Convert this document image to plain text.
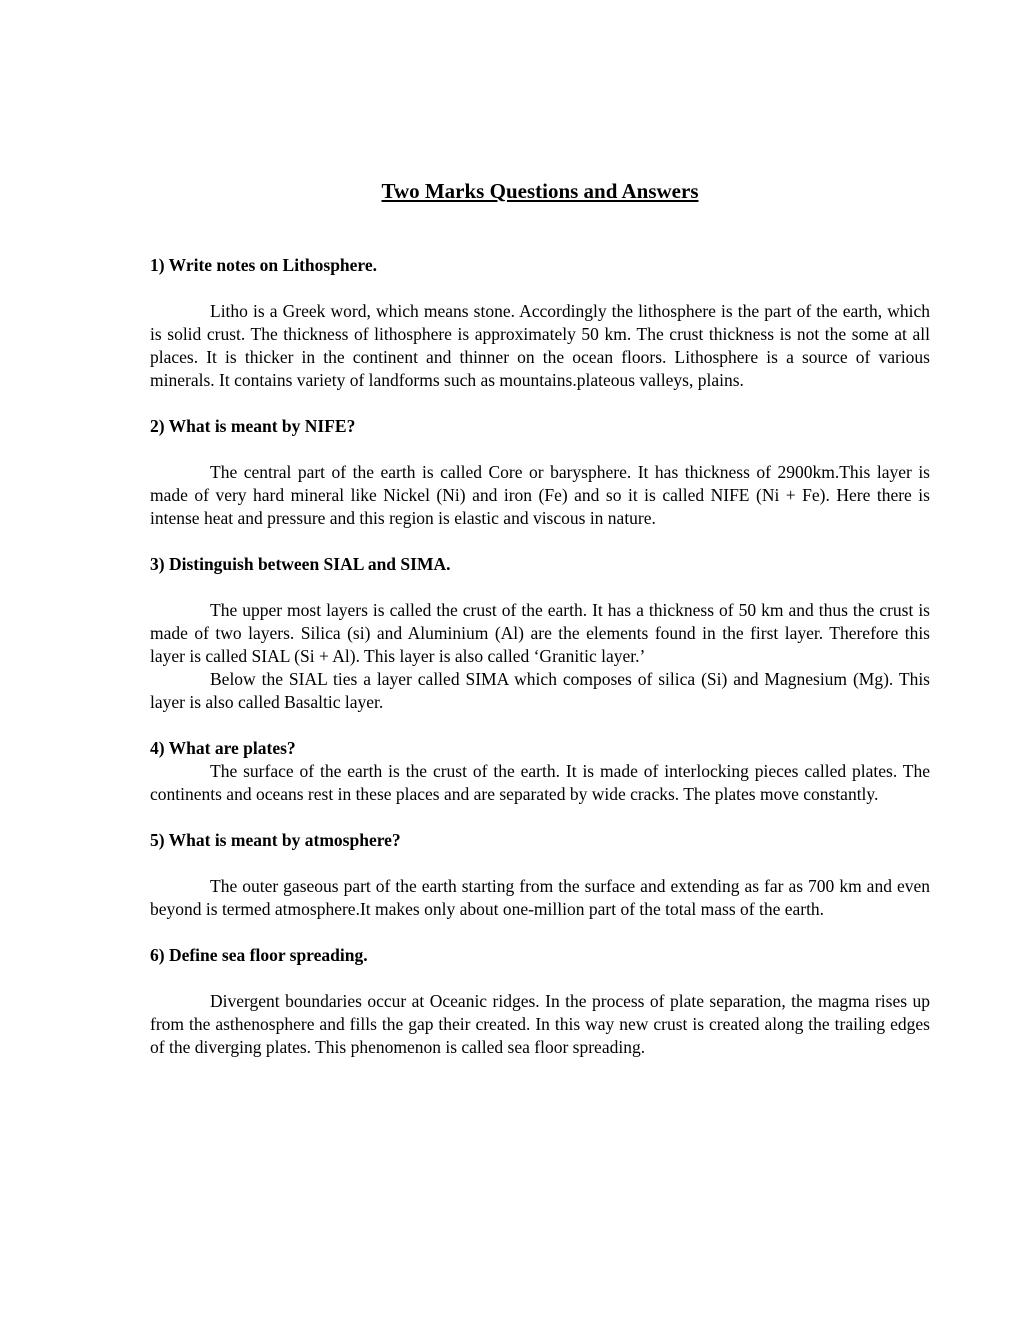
Two Marks Questions and Answers

1) Write notes on Lithosphere.

Litho is a Greek word, which means stone. Accordingly the lithosphere is the part of the earth, which is solid crust. The thickness of lithosphere is approximately 50 km. The crust thickness is not the some at all places. It is thicker in the continent and thinner on the ocean floors. Lithosphere is a source of various minerals. It contains variety of landforms such as mountains.plateous valleys, plains.

2) What is meant by NIFE?

The central part of the earth is called Core or barysphere. It has thickness of 2900km.This layer is made of very hard mineral like Nickel (Ni) and iron (Fe) and so it is called NIFE (Ni + Fe). Here there is intense heat and pressure and this region is elastic and viscous in nature.

3) Distinguish between SIAL and SIMA.

The upper most layers is called the crust of the earth. It has a thickness of 50 km and thus the crust is made of two layers. Silica (si) and Aluminium (Al) are the elements found in the first layer. Therefore this layer is called SIAL (Si + Al). This layer is also called ‘Granitic layer.’

Below the SIAL ties a layer called SIMA which composes of silica (Si) and Magnesium (Mg). This layer is also called Basaltic layer.

4) What are plates?

The surface of the earth is the crust of the earth. It is made of interlocking pieces called plates. The continents and oceans rest in these places and are separated by wide cracks. The plates move constantly.

5) What is meant by atmosphere?

The outer gaseous part of the earth starting from the surface and extending as far as 700 km and even beyond is termed atmosphere.It makes only about one-million part of the total mass of the earth.

6) Define sea floor spreading.

Divergent boundaries occur at Oceanic ridges. In the process of plate separation, the magma rises up from the asthenosphere and fills the gap their created. In this way new crust is created along the trailing edges of the diverging plates. This phenomenon is called sea floor spreading.
